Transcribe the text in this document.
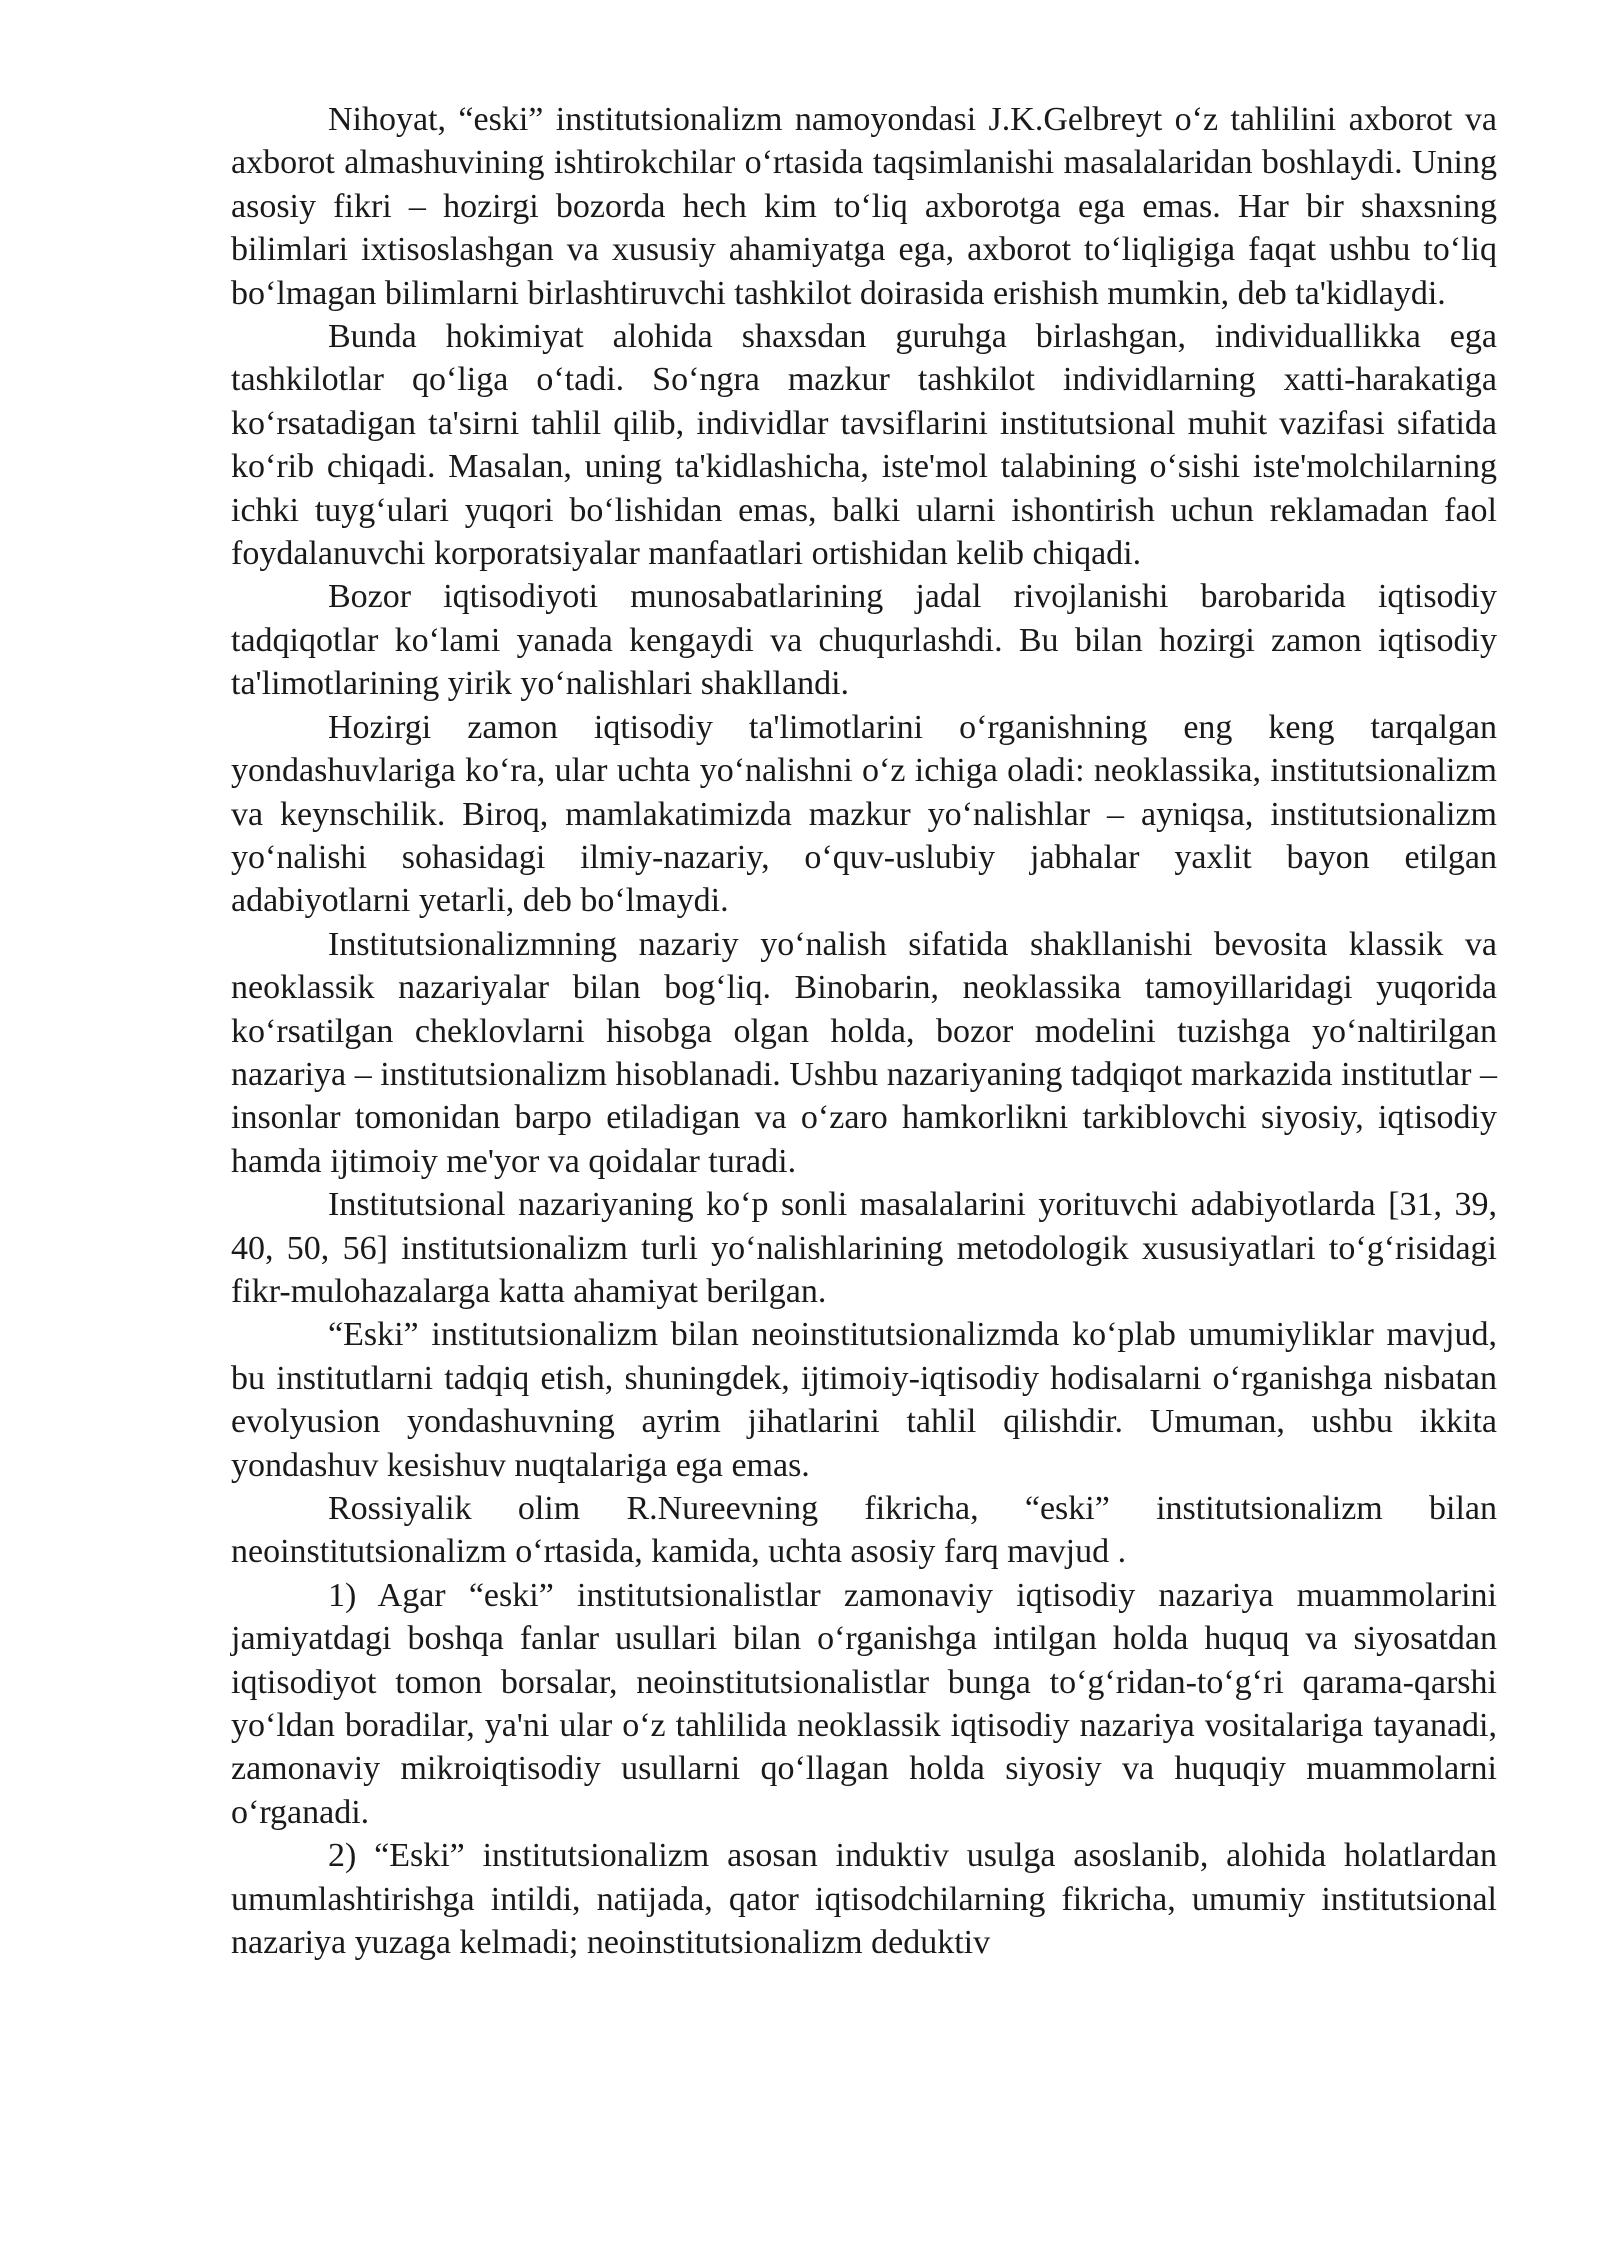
Nihoyat, “eski” institutsionalizm namoyondasi J.K.Gelbreyt o‘z tahlilini axborot va axborot almashuvining ishtirokchilar o‘rtasida taqsimlanishi masalalaridan boshlaydi. Uning asosiy fikri – hozirgi bozorda hech kim to‘liq axborotga ega emas. Har bir shaxsning bilimlari ixtisoslashgan va xususiy ahamiyatga ega, axborot to‘liqligiga faqat ushbu to‘liq bo‘lmagan bilimlarni birlashtiruvchi tashkilot doirasida erishish mumkin, deb ta'kidlaydi.

Bunda hokimiyat alohida shaxsdan guruhga birlashgan, individuallikka ega tashkilotlar qo‘liga o‘tadi. So‘ngra mazkur tashkilot individlarning xatti-harakatiga ko‘rsatadigan ta'sirni tahlil qilib, individlar tavsiflarini institutsional muhit vazifasi sifatida ko‘rib chiqadi. Masalan, uning ta'kidlashicha, iste'mol talabining o‘sishi iste'molchilarning ichki tuyg‘ulari yuqori bo‘lishidan emas, balki ularni ishontirish uchun reklamadan faol foydalanuvchi korporatsiyalar manfaatlari ortishidan kelib chiqadi.

Bozor iqtisodiyoti munosabatlarining jadal rivojlanishi barobarida iqtisodiy tadqiqotlar ko‘lami yanada kengaydi va chuqurlashdi. Bu bilan hozirgi zamon iqtisodiy ta'limotlarining yirik yo‘nalishlari shakllandi.

Hozirgi zamon iqtisodiy ta'limotlarini o‘rganishning eng keng tarqalgan yondashuvlariga ko‘ra, ular uchta yo‘nalishni o‘z ichiga oladi: neoklassika, institutsionalizm va keynschilik. Biroq, mamlakatimizda mazkur yo‘nalishlar – ayniqsa, institutsionalizm yo‘nalishi sohasidagi ilmiy-nazariy, o‘quv-uslubiy jabhalar yaxlit bayon etilgan adabiyotlarni yetarli, deb bo‘lmaydi.

Institutsionalizmning nazariy yo‘nalish sifatida shakllanishi bevosita klassik va neoklassik nazariyalar bilan bog‘liq. Binobarin, neoklassika tamoyillaridagi yuqorida ko‘rsatilgan cheklovlarni hisobga olgan holda, bozor modelini tuzishga yo‘naltirilgan nazariya – institutsionalizm hisoblanadi. Ushbu nazariyaning tadqiqot markazida institutlar – insonlar tomonidan barpo etiladigan va o‘zaro hamkorlikni tarkiblovchi siyosiy, iqtisodiy hamda ijtimoiy me'yor va qoidalar turadi.

Institutsional nazariyaning ko‘p sonli masalalarini yorituvchi adabiyotlarda [31, 39, 40, 50, 56] institutsionalizm turli yo‘nalishlarining metodologik xususiyatlari to‘g‘risidagi fikr-mulohazalarga katta ahamiyat berilgan.

“Eski” institutsionalizm bilan neoinstitutsionalizmda ko‘plab umumiyliklar mavjud, bu institutlarni tadqiq etish, shuningdek, ijtimoiy-iqtisodiy hodisalarni o‘rganishga nisbatan evolyusion yondashuvning ayrim jihatlarini tahlil qilishdir. Umuman, ushbu ikkita yondashuv kesishuv nuqtalariga ega emas.

Rossiyalik olim R.Nureevning fikricha, “eski” institutsionalizm bilan neoinstitutsionalizm o‘rtasida, kamida, uchta asosiy farq mavjud .

1) Agar “eski” institutsionalistlar zamonaviy iqtisodiy nazariya muammolarini jamiyatdagi boshqa fanlar usullari bilan o‘rganishga intilgan holda huquq va siyosatdan iqtisodiyot tomon borsalar, neoinstitutsionalistlar bunga to‘g‘ridan-to‘g‘ri qarama-qarshi yo‘ldan boradilar, ya'ni ular o‘z tahlilida neoklassik iqtisodiy nazariya vositalariga tayanadi, zamonaviy mikroiqtisodiy usullarni qo‘llagan holda siyosiy va huquqiy muammolarni o‘rganadi.

2) “Eski” institutsionalizm asosan induktiv usulga asoslanib, alohida holatlardan umumlashtirishga intildi, natijada, qator iqtisodchilarning fikricha, umumiy institutsional nazariya yuzaga kelmadi; neoinstitutsionalizm deduktiv
